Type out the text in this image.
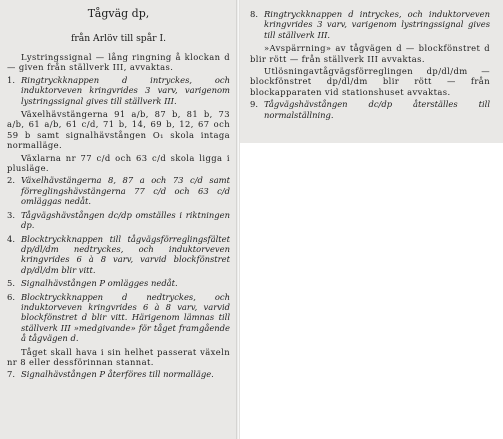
Tågväg dp,
från Arlöv till spår I.

Lystringssignal — lång ringning å klockan d — given från ställverk III, avvaktas.

1. Ringtryckknappen d intryckes, och induktorveven kringvrides 3 varv, varigenom lystringssignal gives till ställverk III.

Växelhävstängerna 91 a/b, 87 b, 81 b, 73 a/b, 61 a/b, 61 c/d, 71 b, 14, 69 b, 12, 67 och 59 b samt signalhävstången O₁ skola intaga normalläge.

Växlarna nr 77 c/d och 63 c/d skola ligga i plusläge.

2. Växelhävstängerna 8, 87 a och 73 c/d samt förreglingshävstängerna 77 c/d och 63 c/d omläggas nedåt.
3. Tågvägshävstången dc/dp omställes i riktningen dp.
4. Blocktryckknappen till tågvägsförreglingsfältet dp/dl/dm nedtryckes, och induktorveven kringvrides 6 à 8 varv, varvid blockfönstret dp/dl/dm blir vitt.
5. Signalhävstången P omlägges nedåt.
6. Blocktryckknappen d nedtryckes, och induktorveven kringvrides 6 à 8 varv, varvid blockfönstret d blir vitt. Härigenom lämnas till ställverk III »medgivande» för tåget framgående å tågvägen d.

Tåget skall hava i sin helhet passerat växeln nr 8 eller dessförinnan stannat.

7. Signalhävstången P återföres till normalläge.
8. Ringtryckknappen d intryckes, och induktorveven kringvrides 3 varv, varigenom lystringssignal gives till ställverk III.

»Avspärrning» av tågvägen d — blockfönstret d blir rött — från ställverk III avvaktas.

Utlösningavtågvägsförreglingen dp/dl/dm — blockfönstret dp/dl/dm blir rött — från blockapparaten vid stationshuset avvaktas.

9. Tågvägshävstången dc/dp återställes till normalställning.
